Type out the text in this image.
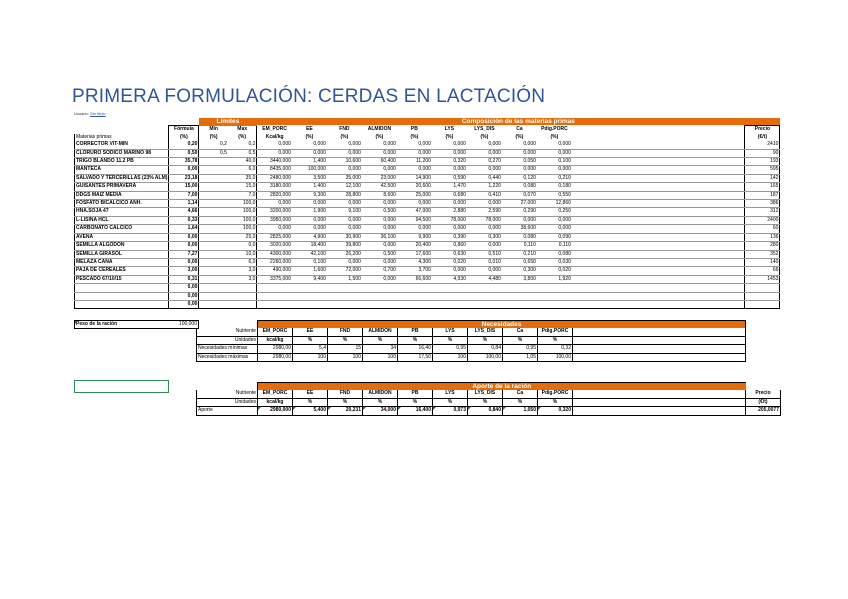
PRIMERA FORMULACIÓN: CERDAS EN LACTACIÓN
Usuario: Sin título
		Límites		Composición de las materias primas										
	Fórmula	Min	Max	EM_PORC	EE	FND	ALMIDON	PB	LYS	LYS_DIS	Ca	Pdig.PORC		Precio
Materias primas	(%)	(%)	(%)	Kcal/kg	(%)	(%)	(%)	(%)	(%)	(%)	(%)	(%)		(€/t)
CORRECTOR VIT-MIN	0,20	0,2	0,2	0,000	0,000	0,000	0,000	0,000	0,000	0,000	0,000	0,000		2410
CLORURO SODICO MARINO 98	0,50	0,5	0,5	0,000	0,000	0,000	0,000	0,000	0,000	0,000	0,000	0,000		90
TRIGO BLANDO 11.2 PB	35,78		40,0	3440,000	1,400	10,600	60,400	11,200	0,320	0,270	0,050	0,100		193
MANTECA	0,00		6,0	8435,000	100,000	0,000	0,000	0,000	0,000	0,000	0,000	0,000		595
SALVADO Y TERCERILLAS (23% ALM)	23,18		35,0	2480,000	3,500	35,000	23,000	14,900	0,590	0,440	0,120	0,210		142
GUISANTES PRIMAVERA	15,00		15,0	3180,000	1,400	12,100	42,500	20,600	1,470	1,220	0,080	0,180		165
DDGS MAIZ MEDIA	7,00		7,0	2820,000	9,300	28,800	8,600	25,000	0,680	0,410	0,070	0,550		187
FOSFATO BICALCICO ANH.	1,14		100,0	0,000	0,000	0,000	0,000	0,000	0,000	0,000	27,000	12,860		386
HNA.SOJA 47	4,66		100,0	3200,000	1,900	9,100	0,500	47,000	2,880	2,590	0,290	0,250		312
L-LISINA HCL	0,33		100,0	3950,000	0,000	0,000	0,000	94,500	78,000	78,000	0,000	0,000		2400
CARBONATO CALCICO	1,64		100,0	0,000	0,000	0,000	0,000	0,000	0,000	0,000	38,600	0,000		60
AVENA	0,00		25,0	2825,000	4,900	30,900	36,100	9,900	0,390	0,300	0,080	0,090		136
SEMILLA ALGODON	0,00		0,0	3020,000	18,400	39,800	0,000	20,400	0,860	0,000	0,110	0,110		280
SEMILLA GIRASOL	7,27		10,0	4300,000	42,100	26,200	0,500	17,600	0,630	0,510	0,210	0,080		352
MELAZA CAÑA	0,00		6,0	2260,000	0,100	0,000	0,000	4,300	0,020	0,010	0,650	0,030		140
PAJA DE CEREALES	3,00		3,0	490,000	1,600	72,000	0,700	3,700	0,000	0,000	0,300	0,020		66
PESCADO 67/10/15	0,31		3,0	3375,000	9,400	1,500	0,000	66,600	4,930	4,480	3,800	1,920		1453
	0,00													
	0,00													
	0,00													
Peso de la ración	100,000
		Necesidades									
Nutriente	EM_PORC	EE	FND	ALMIDON	PB	LYS	LYS_DIS	Ca	Pdig.PORC	
Unidades	kcal/kg	%	%	%	%	%	%	%	%	
Necesidades mínimas	2980,00	5,4	15	34	16,40	0,95	0,84	0,95	0,32	
Necesidades máximas	2980,00	100	100	100	17,50	100	100,00	1,05	100,00	
	Aporte de la ración										
Nutriente	EM_PORC	EE	FND	ALMIDON	PB	LYS	LYS_DIS	Ca	Pdig.PORC		Precio
Unidades	kcal/kg	%	%	%	%	%	%	%	%		(€/t)
Aporte	2980,000	5,400	20,231	34,000	16,400	0,973	0,840	1,050	0,320		205,0077
